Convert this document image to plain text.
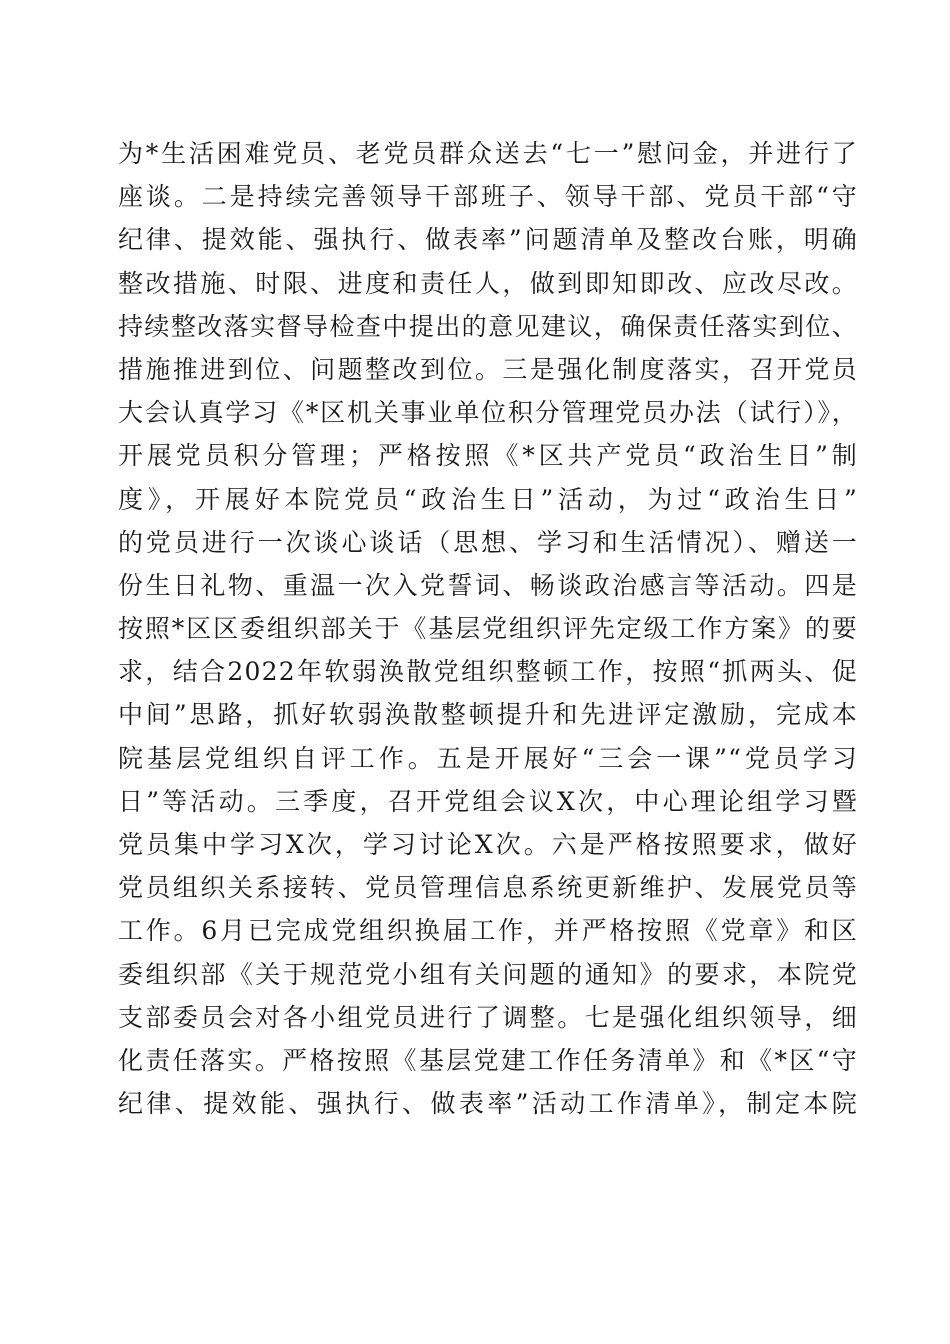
为*生活困难党员、老党员群众送去“七一”慰问金，并进行了
座谈。二是持续完善领导干部班子、领导干部、党员干部“守
纪律、提效能、强执行、做表率”问题清单及整改台账，明确
整改措施、时限、进度和责任人，做到即知即改、应改尽改。
持续整改落实督导检查中提出的意见建议，确保责任落实到位、
措施推进到位、问题整改到位。三是强化制度落实，召开党员
大会认真学习《*区机关事业单位积分管理党员办法（试行）》，
开展党员积分管理；严格按照《*区共产党员“政治生日”制
度》，开展好本院党员“政治生日”活动，为过“政治生日”
的党员进行一次谈心谈话（思想、学习和生活情况）、赠送一
份生日礼物、重温一次入党誓词、畅谈政治感言等活动。四是
按照*区区委组织部关于《基层党组织评先定级工作方案》的要
求，结合2022年软弱涣散党组织整顿工作，按照“抓两头、促
中间”思路，抓好软弱涣散整顿提升和先进评定激励，完成本
院基层党组织自评工作。五是开展好“三会一课”“党员学习
日”等活动。三季度，召开党组会议X次，中心理论组学习暨
党员集中学习X次，学习讨论X次。六是严格按照要求，做好
党员组织关系接转、党员管理信息系统更新维护、发展党员等
工作。6月已完成党组织换届工作，并严格按照《党章》和区
委组织部《关于规范党小组有关问题的通知》的要求，本院党
支部委员会对各小组党员进行了调整。七是强化组织领导，细
化责任落实。严格按照《基层党建工作任务清单》和《*区“守
纪律、提效能、强执行、做表率”活动工作清单》，制定本院
